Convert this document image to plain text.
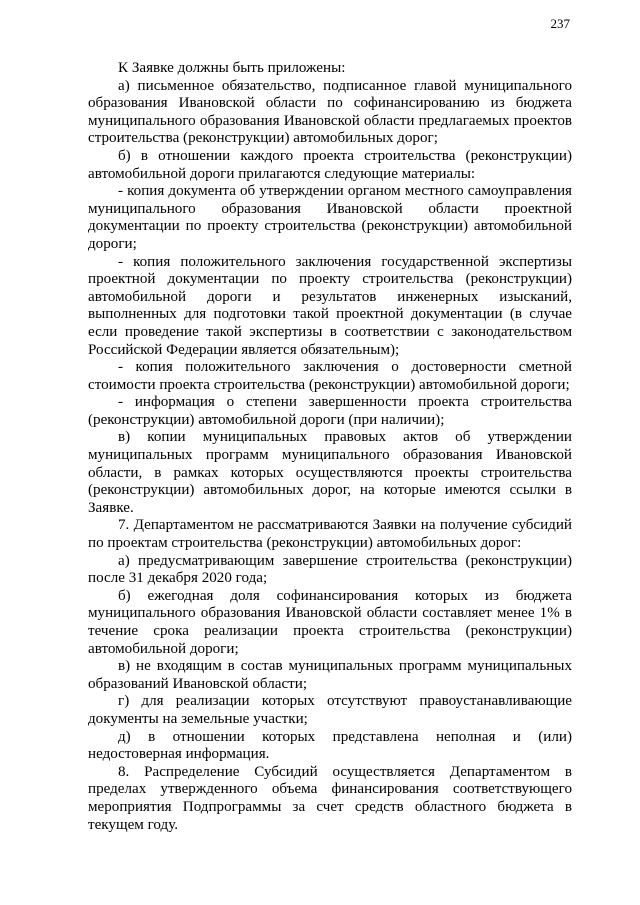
237

К Заявке должны быть приложены:

а) письменное обязательство, подписанное главой муниципального образования Ивановской области по софинансированию из бюджета муниципального образования Ивановской области предлагаемых проектов строительства (реконструкции) автомобильных дорог;

б) в отношении каждого проекта строительства (реконструкции) автомобильной дороги прилагаются следующие материалы:

- копия документа об утверждении органом местного самоуправления муниципального образования Ивановской области проектной документации по проекту строительства (реконструкции) автомобильной дороги;

- копия положительного заключения государственной экспертизы проектной документации по проекту строительства (реконструкции) автомобильной дороги и результатов инженерных изысканий, выполненных для подготовки такой проектной документации (в случае если проведение такой экспертизы в соответствии с законодательством Российской Федерации является обязательным);

- копия положительного заключения о достоверности сметной стоимости проекта строительства (реконструкции) автомобильной дороги;

- информация о степени завершенности проекта строительства (реконструкции) автомобильной дороги (при наличии);

в) копии муниципальных правовых актов об утверждении муниципальных программ муниципального образования Ивановской области, в рамках которых осуществляются проекты строительства (реконструкции) автомобильных дорог, на которые имеются ссылки в Заявке.

7. Департаментом не рассматриваются Заявки на получение субсидий по проектам строительства (реконструкции) автомобильных дорог:

а) предусматривающим завершение строительства (реконструкции) после 31 декабря 2020 года;

б) ежегодная доля софинансирования которых из бюджета муниципального образования Ивановской области составляет менее 1% в течение срока реализации проекта строительства (реконструкции) автомобильной дороги;

в) не входящим в состав муниципальных программ муниципальных образований Ивановской области;

г) для реализации которых отсутствуют правоустанавливающие документы на земельные участки;

д) в отношении которых представлена неполная и (или) недостоверная информация.

8. Распределение Субсидий осуществляется Департаментом в пределах утвержденного объема финансирования соответствующего мероприятия Подпрограммы за счет средств областного бюджета в текущем году.
